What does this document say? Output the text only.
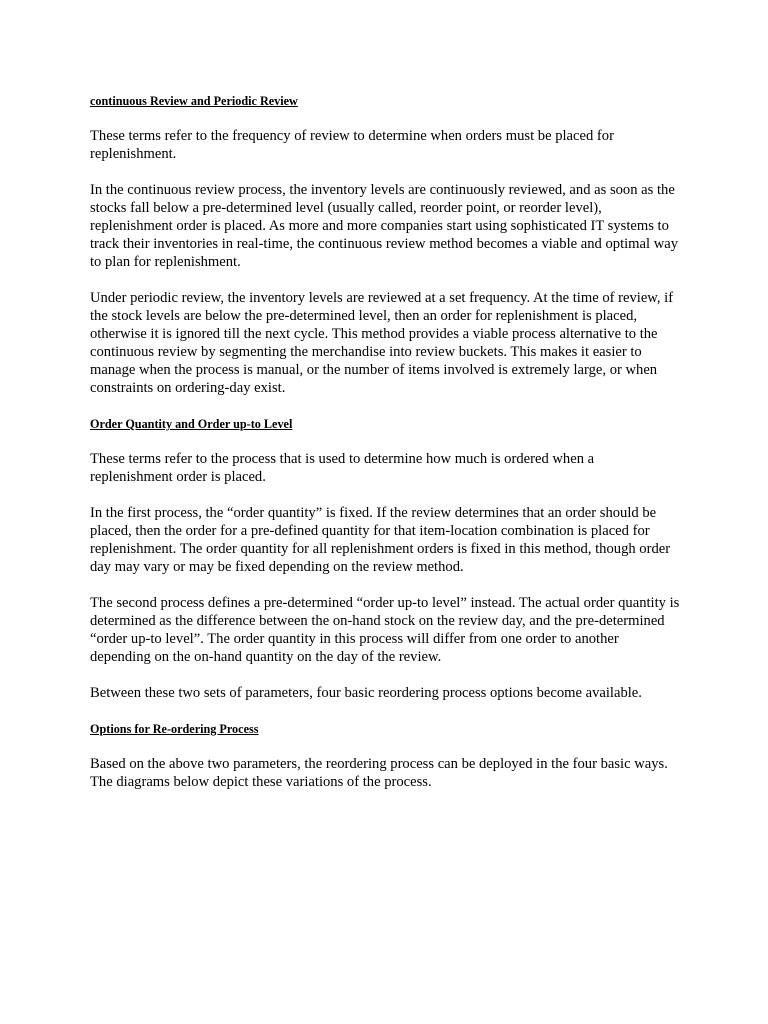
continuous Review and Periodic Review

These terms refer to the frequency of review to determine when orders must be placed for replenishment.

In the continuous review process, the inventory levels are continuously reviewed, and as soon as the stocks fall below a pre-determined level (usually called, reorder point, or reorder level), replenishment order is placed. As more and more companies start using sophisticated IT systems to track their inventories in real-time, the continuous review method becomes a viable and optimal way to plan for replenishment.

Under periodic review, the inventory levels are reviewed at a set frequency. At the time of review, if the stock levels are below the pre-determined level, then an order for replenishment is placed, otherwise it is ignored till the next cycle. This method provides a viable process alternative to the continuous review by segmenting the merchandise into review buckets. This makes it easier to manage when the process is manual, or the number of items involved is extremely large, or when constraints on ordering-day exist.

Order Quantity and Order up-to Level

These terms refer to the process that is used to determine how much is ordered when a replenishment order is placed.

In the first process, the “order quantity” is fixed. If the review determines that an order should be placed, then the order for a pre-defined quantity for that item-location combination is placed for replenishment. The order quantity for all replenishment orders is fixed in this method, though order day may vary or may be fixed depending on the review method.

The second process defines a pre-determined “order up-to level” instead. The actual order quantity is determined as the difference between the on-hand stock on the review day, and the pre-determined “order up-to level”. The order quantity in this process will differ from one order to another depending on the on-hand quantity on the day of the review.

Between these two sets of parameters, four basic reordering process options become available.

Options for Re-ordering Process

Based on the above two parameters, the reordering process can be deployed in the four basic ways. The diagrams below depict these variations of the process.
